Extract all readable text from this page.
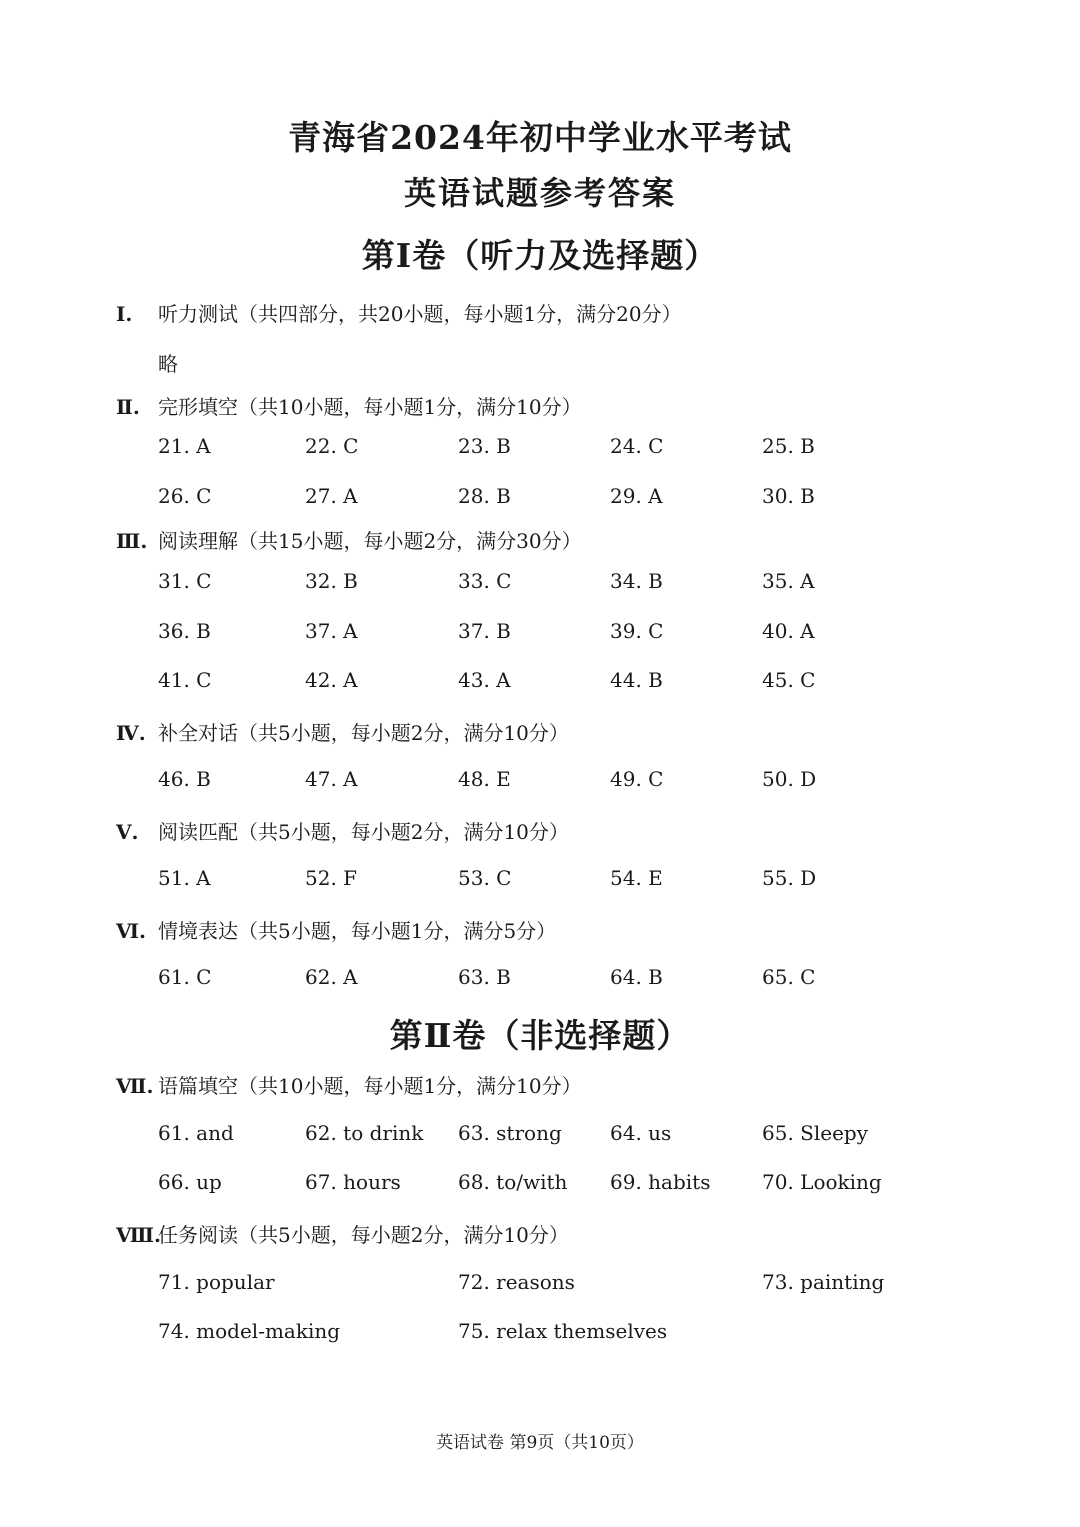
青海省2024年初中学业水平考试
英语试题参考答案
第Ⅰ卷（听力及选择题）
Ⅰ. 听力测试（共四部分，共20小题，每小题1分，满分20分）
略
Ⅱ. 完形填空（共10小题，每小题1分，满分10分）
21. A	22. C	23. B	24. C	25. B
26. C	27. A	28. B	29. A	30. B
Ⅲ. 阅读理解（共15小题，每小题2分，满分30分）
31. C	32. B	33. C	34. B	35. A
36. B	37. A	37. B	39. C	40. A
41. C	42. A	43. A	44. B	45. C
Ⅳ. 补全对话（共5小题，每小题2分，满分10分）
46. B	47. A	48. E	49. C	50. D
Ⅴ. 阅读匹配（共5小题，每小题2分，满分10分）
51. A	52. F	53. C	54. E	55. D
Ⅵ. 情境表达（共5小题，每小题1分，满分5分）
61. C	62. A	63. B	64. B	65. C
第Ⅱ卷（非选择题）
Ⅶ. 语篇填空（共10小题，每小题1分，满分10分）
61. and	62. to drink 63. strong 64. us	65. Sleepy
66. up	67. hours	68. to/with 69. habits	70. Looking
Ⅷ.任务阅读（共5小题，每小题2分，满分10分）
71. popular	72. reasons	73. painting
74. model-making	75. relax themselves
英语试卷 第9页（共10页）
